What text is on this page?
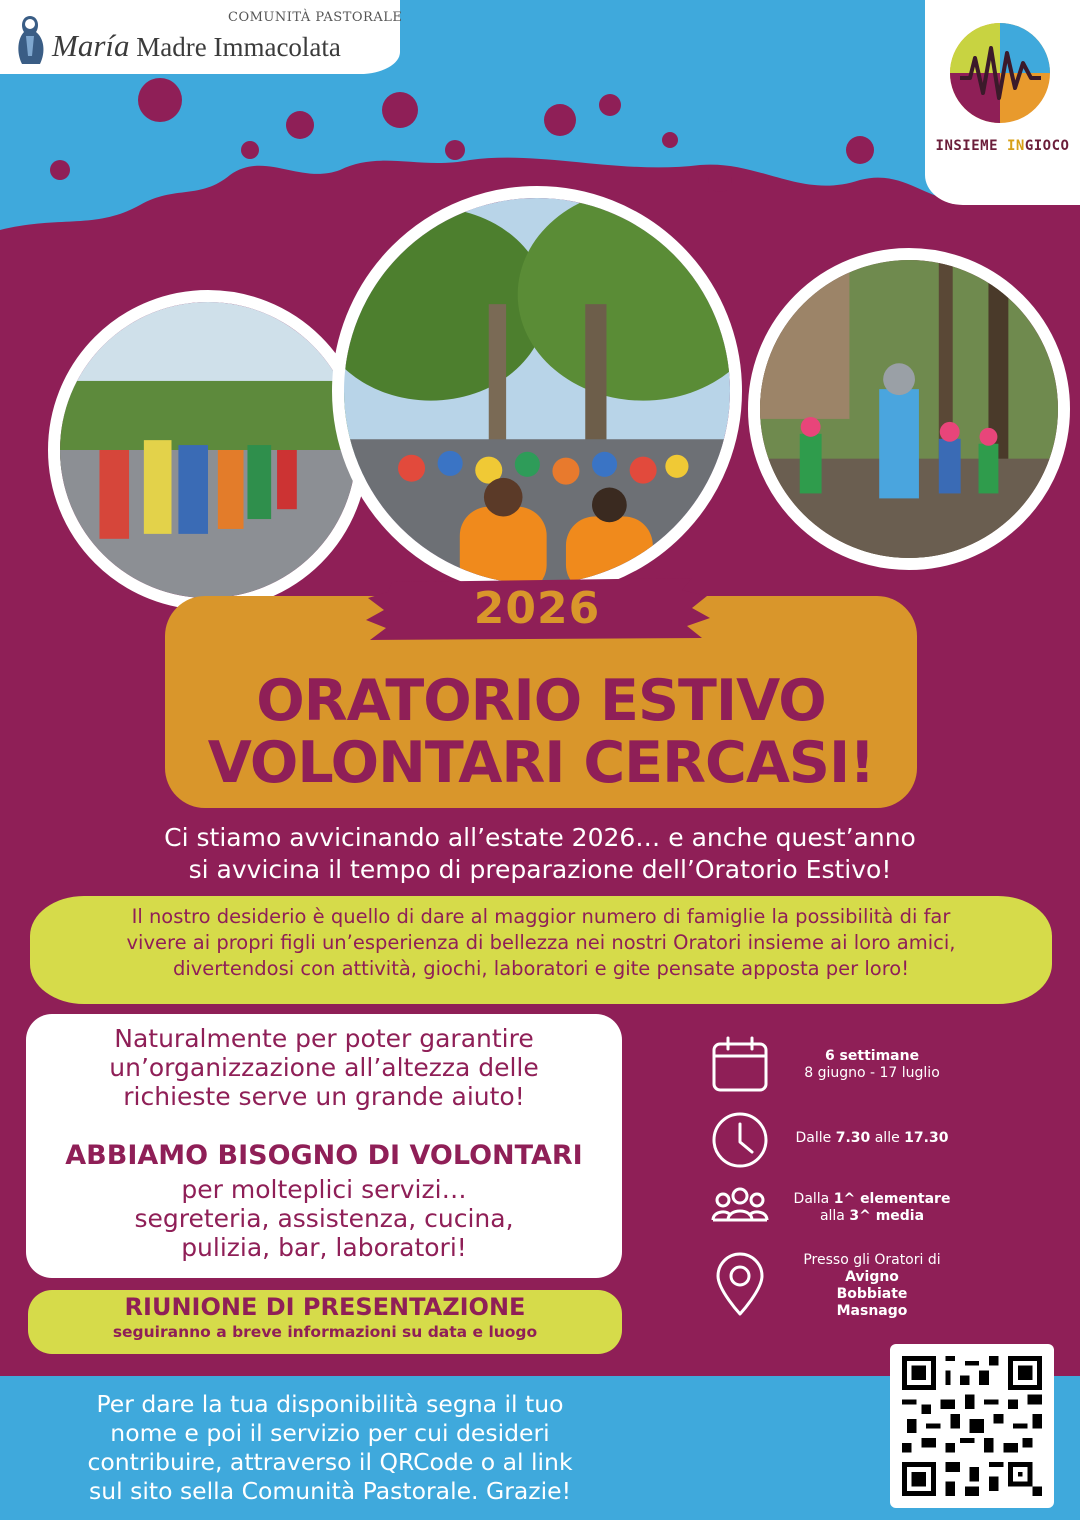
COMUNITÀ PASTORALE
María Madre Immacolata
INSIEME INGIOCO
2026
ORATORIO ESTIVO
VOLONTARI CERCASI!
Ci stiamo avvicinando all’estate 2026… e anche quest’anno
si avvicina il tempo di preparazione dell’Oratorio Estivo!
Il nostro desiderio è quello di dare al maggior numero di famiglie la possibilità di far
vivere ai propri figli un’esperienza di bellezza nei nostri Oratori insieme ai loro amici,
divertendosi con attività, giochi, laboratori e gite pensate apposta per loro!
Naturalmente per poter garantire
un’organizzazione all’altezza delle
richieste serve un grande aiuto!
ABBIAMO BISOGNO DI VOLONTARI
per molteplici servizi…
segreteria, assistenza, cucina,
pulizia, bar, laboratori!
RIUNIONE DI PRESENTAZIONE
seguiranno a breve informazioni su data e luogo
6 settimane
8 giugno - 17 luglio
Dalle 7.30 alle 17.30
Dalla 1^ elementare
alla 3^ media
Presso gli Oratori di
Avigno
Bobbiate
Masnago
Per dare la tua disponibilità segna il tuo
nome e poi il servizio per cui desideri
contribuire, attraverso il QRCode o al link
sul sito sella Comunità Pastorale. Grazie!
